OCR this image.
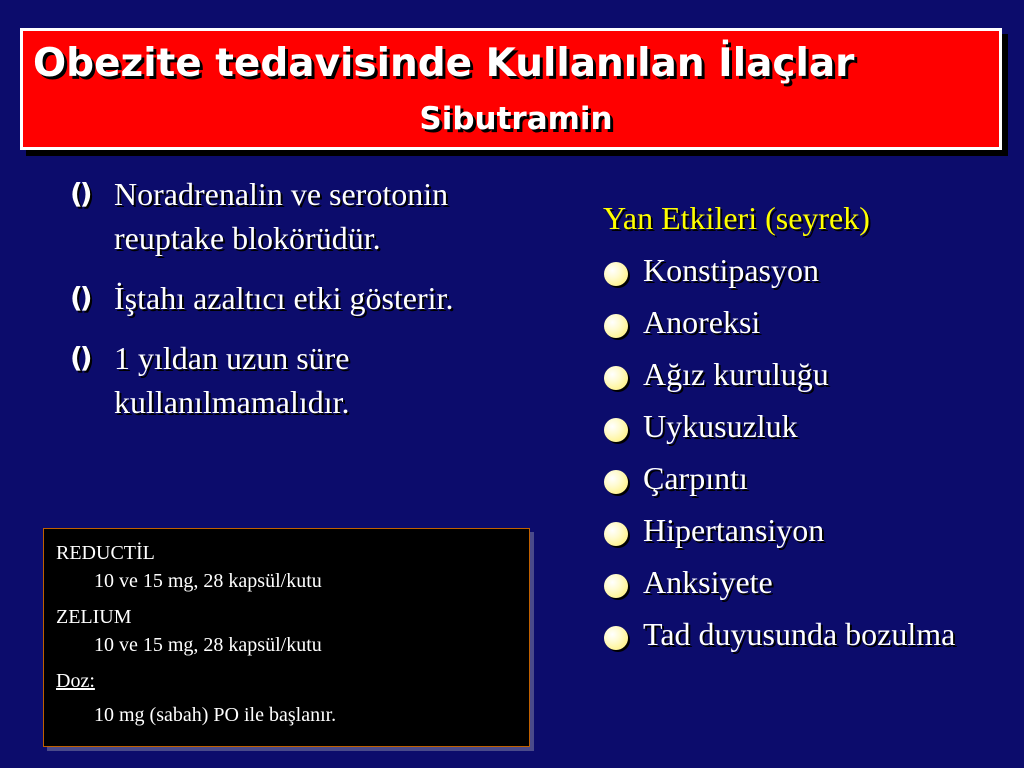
Obezite tedavisinde Kullanılan İlaçlar
Sibutramin
() Noradrenalin ve serotonin reuptake blokörüdür.
() İştahı azaltıcı etki gösterir.
() 1 yıldan uzun süre kullanılmamalıdır.
Yan Etkileri (seyrek)
Konstipasyon
Anoreksi
Ağız kuruluğu
Uykusuzluk
Çarpıntı
Hipertansiyon
Anksiyete
Tad duyusunda bozulma

REDUCTİL

10 ve 15 mg, 28 kapsül/kutu

ZELIUM

10 ve 15 mg, 28 kapsül/kutu

Doz:

10 mg (sabah) PO ile başlanır.
